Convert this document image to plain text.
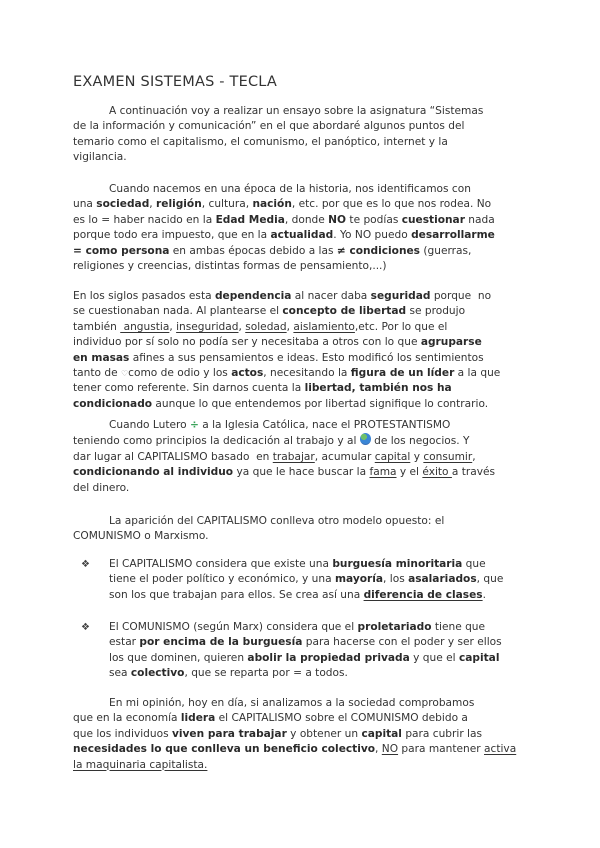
EXAMEN SISTEMAS - TECLA
A continuación voy a realizar un ensayo sobre la asignatura “Sistemas
de la información y comunicación” en el que abordaré algunos puntos del
temario como el capitalismo, el comunismo, el panóptico, internet y la
vigilancia.
Cuando nacemos en una época de la historia, nos identificamos con
una sociedad, religión, cultura, nación, etc. por que es lo que nos rodea. No
es lo = haber nacido en la Edad Media, donde NO te podías cuestionar nada
porque todo era impuesto, que en la actualidad. Yo NO puedo desarrollarme
= como persona en ambas épocas debido a las ≠ condiciones (guerras,
religiones y creencias, distintas formas de pensamiento,...)
En los siglos pasados esta dependencia al nacer daba seguridad porque  no
se cuestionaban nada. Al plantearse el concepto de libertad se produjo
también  angustia, inseguridad, soledad, aislamiento,etc. Por lo que el
individuo por sí solo no podía ser y necesitaba a otros con lo que agruparse
en masas afines a sus pensamientos e ideas. Esto modificó los sentimientos
tanto de ♡como de odio y los actos, necesitando la figura de un líder a la que
tener como referente. Sin darnos cuenta la libertad, también nos ha
condicionado aunque lo que entendemos por libertad signifique lo contrario.
Cuando Lutero ÷ a la Iglesia Católica, nace el PROTESTANTISMO
teniendo como principios la dedicación al trabajo y al  de los negocios. Y
dar lugar al CAPITALISMO basado  en trabajar, acumular capital y consumir,
condicionando al individuo ya que le hace buscar la fama y el éxito a través
del dinero.
La aparición del CAPITALISMO conlleva otro modelo opuesto: el
COMUNISMO o Marxismo.
❖ El CAPITALISMO considera que existe una burguesía minoritaria que
tiene el poder político y económico, y una mayoría, los asalariados, que
son los que trabajan para ellos. Se crea así una diferencia de clases.
❖ El COMUNISMO (según Marx) considera que el proletariado tiene que
estar por encima de la burguesía para hacerse con el poder y ser ellos
los que dominen, quieren abolir la propiedad privada y que el capital
sea colectivo, que se reparta por = a todos.
En mi opinión, hoy en día, si analizamos a la sociedad comprobamos
que en la economía lidera el CAPITALISMO sobre el COMUNISMO debido a
que los individuos viven para trabajar y obtener un capital para cubrir las
necesidades lo que conlleva un beneficio colectivo, NO para mantener activa
la maquinaria capitalista.
